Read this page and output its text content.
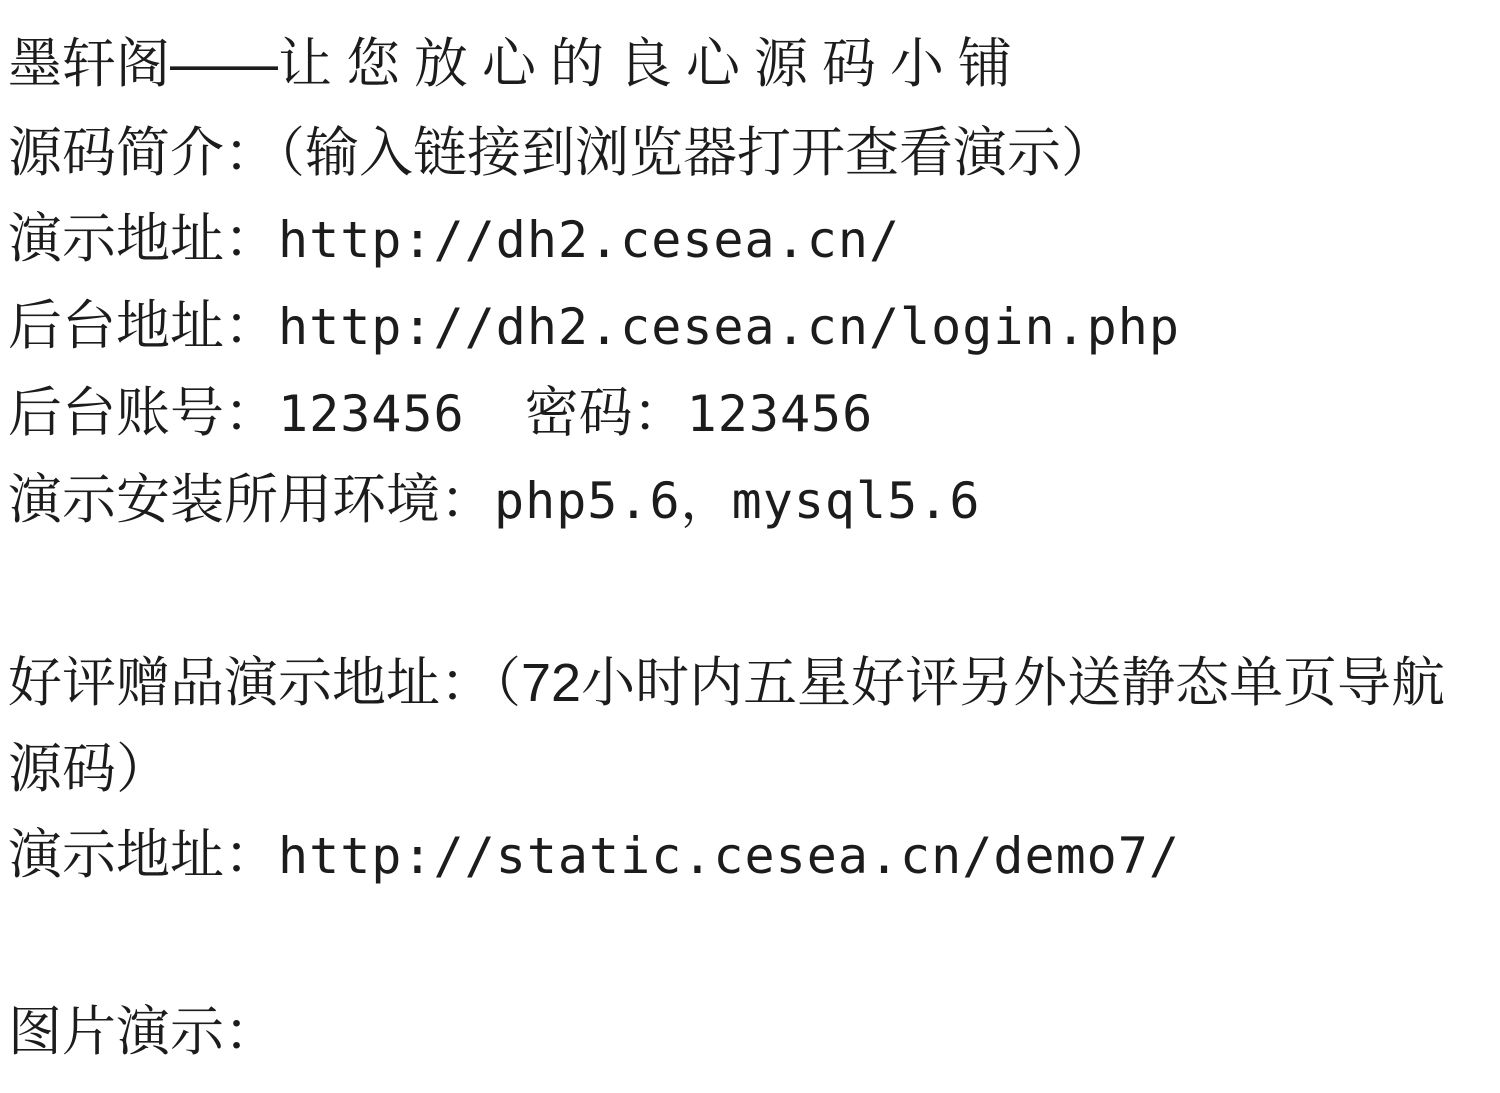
墨轩阁——让您放心的良心源码小铺
源码简介：（输入链接到浏览器打开查看演示）
演示地址：http://dh2.cesea.cn/
后台地址：http://dh2.cesea.cn/login.php
后台账号：123456 密码：123456
演示安装所用环境：php5.6，mysql5.6
好评赠品演示地址：（72小时内五星好评另外送静态单页导航源码）
演示地址：http://static.cesea.cn/demo7/
图片演示：
